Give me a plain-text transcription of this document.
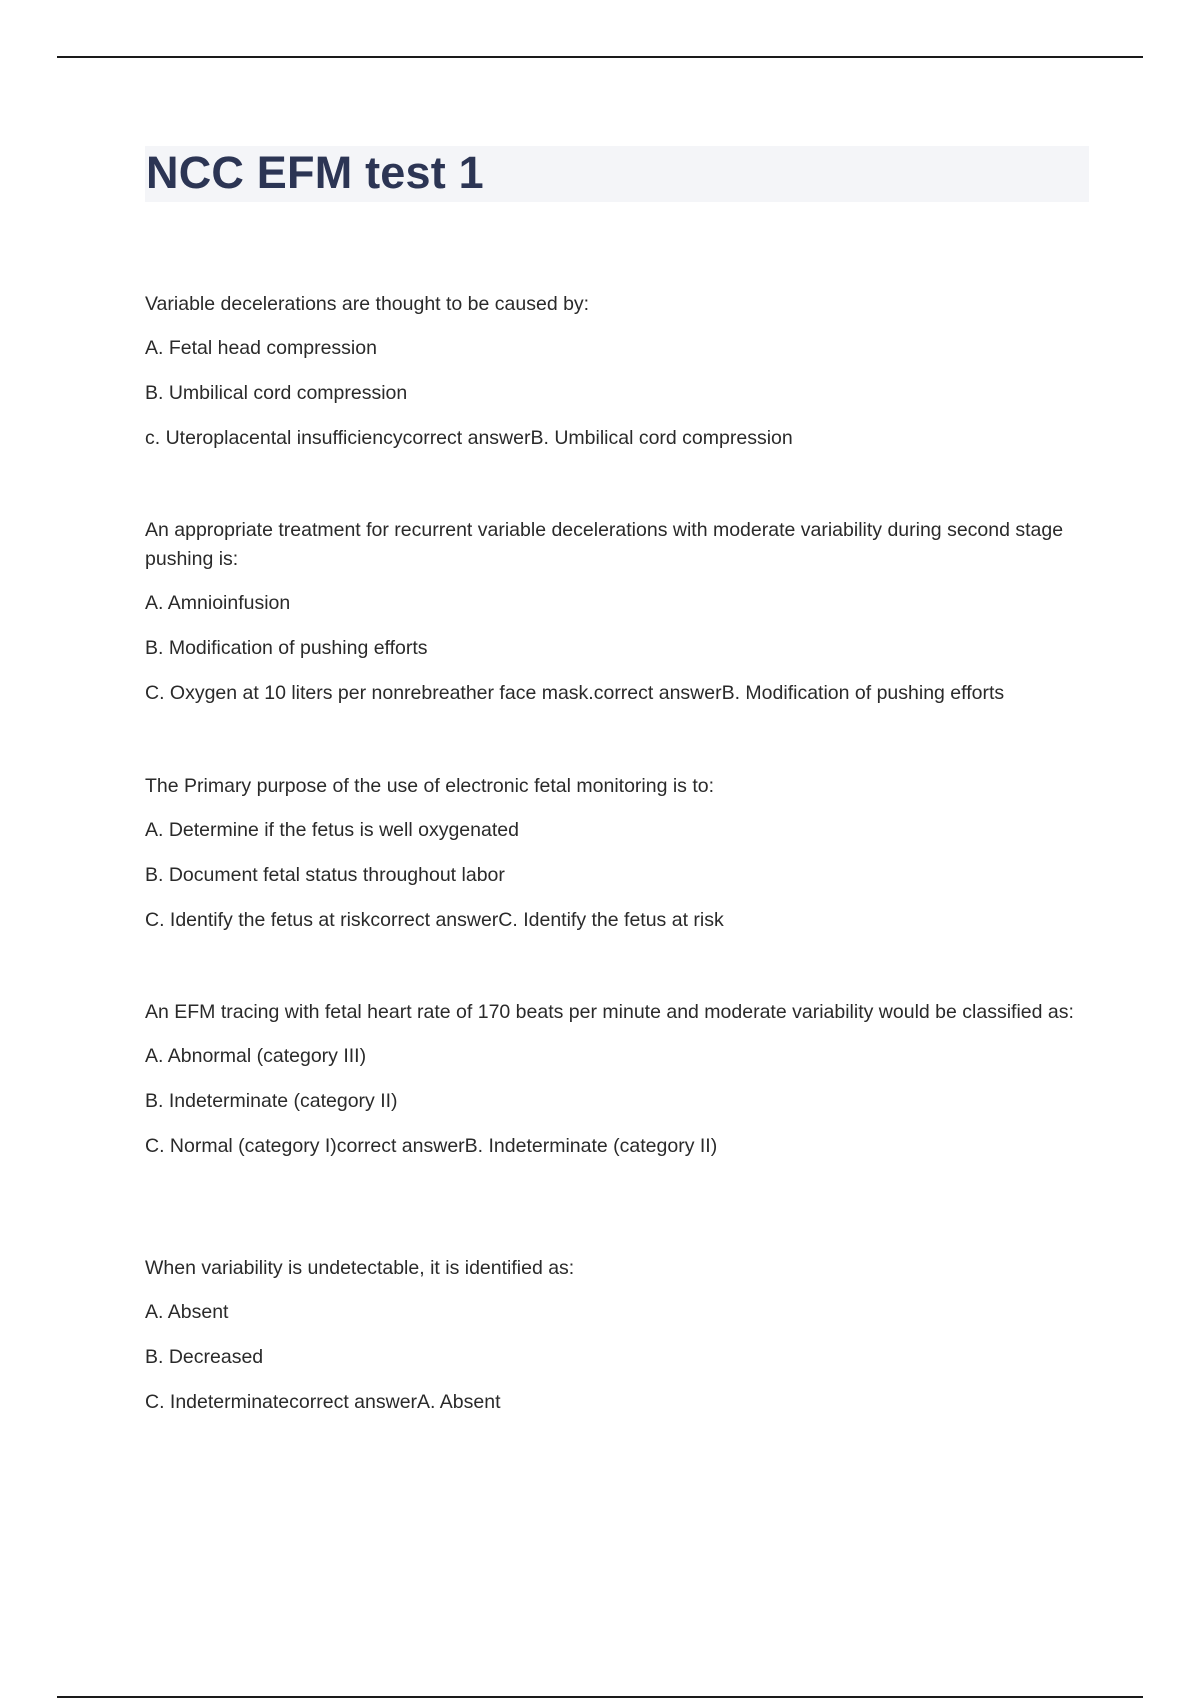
NCC EFM test 1

Variable decelerations are thought to be caused by:

A. Fetal head compression

B. Umbilical cord compression

c. Uteroplacental insufficiencycorrect answerB. Umbilical cord compression

An appropriate treatment for recurrent variable decelerations with moderate variability during second stage pushing is:

A. Amnioinfusion

B. Modification of pushing efforts

C. Oxygen at 10 liters per nonrebreather face mask.correct answerB. Modification of pushing efforts

The Primary purpose of the use of electronic fetal monitoring is to:

A. Determine if the fetus is well oxygenated

B. Document fetal status throughout labor

C. Identify the fetus at riskcorrect answerC. Identify the fetus at risk

An EFM tracing with fetal heart rate of 170 beats per minute and moderate variability would be classified as:

A. Abnormal (category III)

B. Indeterminate (category II)

C. Normal (category I)correct answerB. Indeterminate (category II)

When variability is undetectable, it is identified as:

A. Absent

B. Decreased

C. Indeterminatecorrect answerA. Absent
